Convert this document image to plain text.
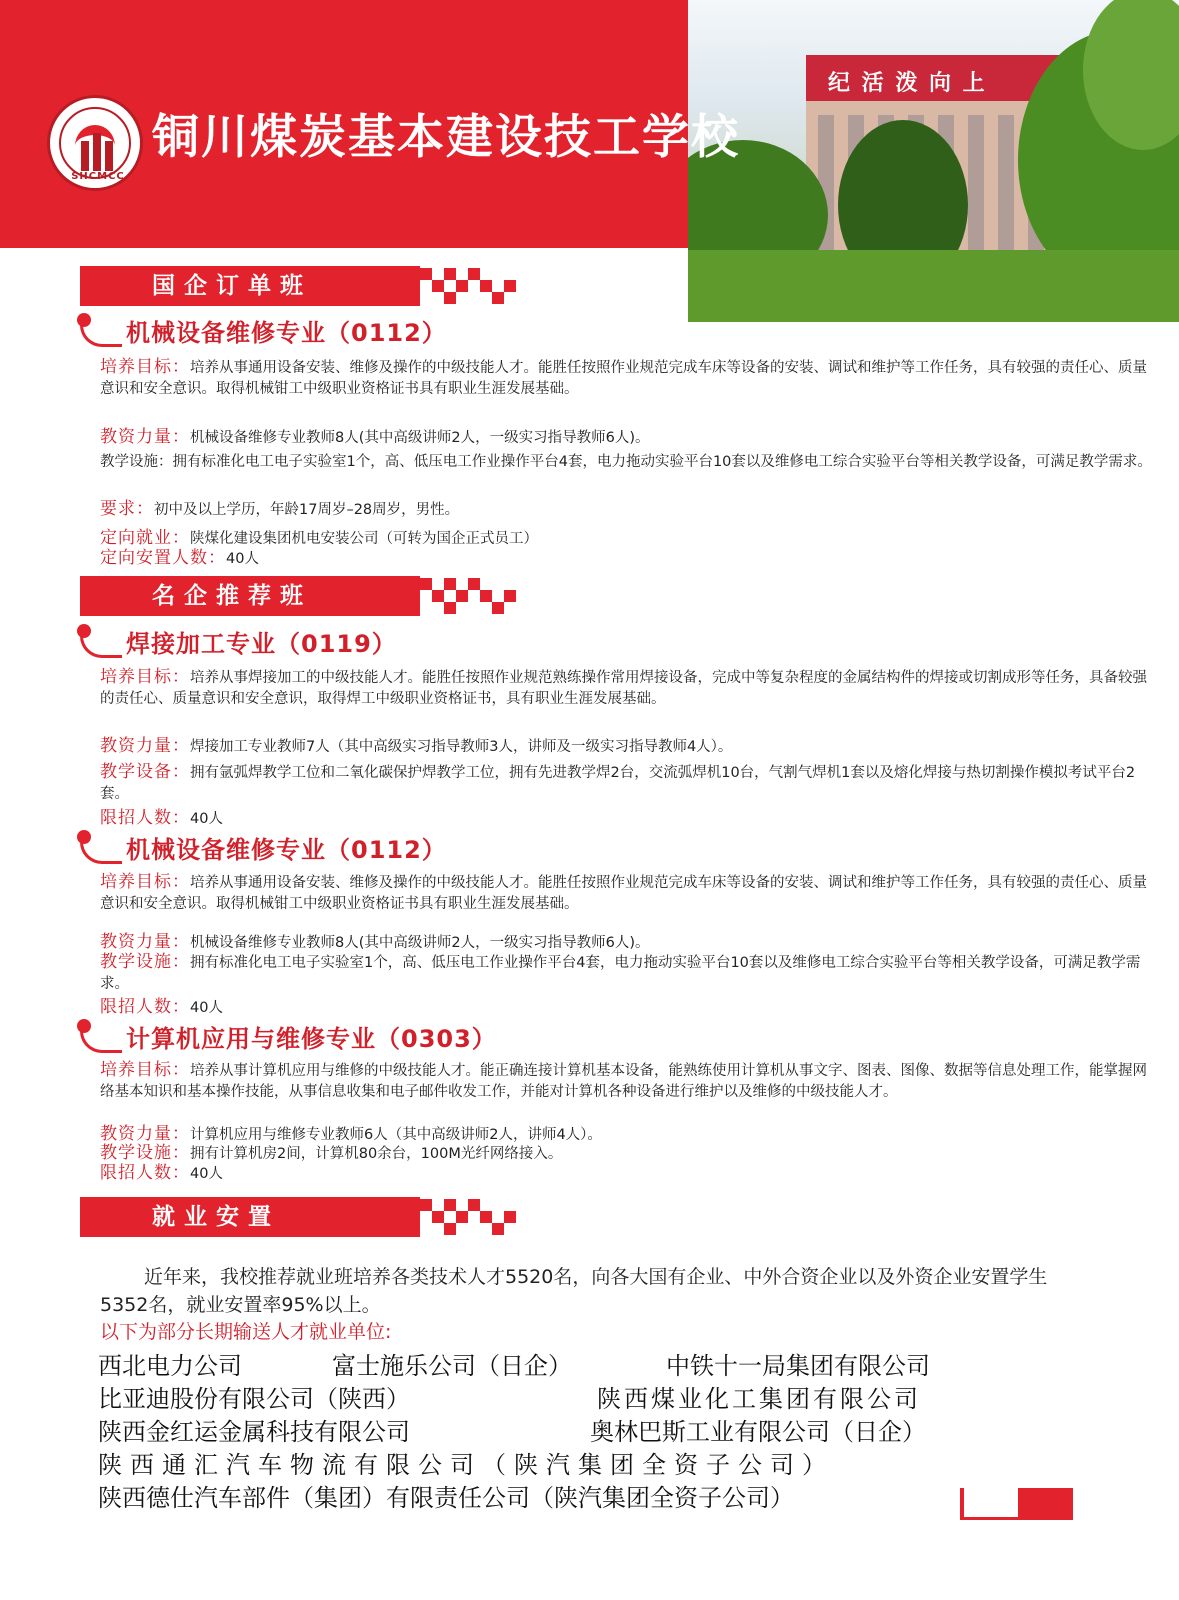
纪 活 泼 向 上
SHCMCC
铜川煤炭基本建设技工学校
国企订单班
机械设备维修专业（0112）
培养目标：培养从事通用设备安装、维修及操作的中级技能人才。能胜任按照作业规范完成车床等设备的安装、调试和维护等工作任务，具有较强的责任心、质量意识和安全意识。取得机械钳工中级职业资格证书具有职业生涯发展基础。
教资力量：机械设备维修专业教师8人(其中高级讲师2人，一级实习指导教师6人)。
教学设施：拥有标准化电工电子实验室1个，高、低压电工作业操作平台4套，电力拖动实验平台10套以及维修电工综合实验平台等相关教学设备，可满足教学需求。
要求：初中及以上学历，年龄17周岁–28周岁，男性。
定向就业：陕煤化建设集团机电安装公司（可转为国企正式员工）
定向安置人数：40人
名企推荐班
焊接加工专业（0119）
培养目标：培养从事焊接加工的中级技能人才。能胜任按照作业规范熟练操作常用焊接设备，完成中等复杂程度的金属结构件的焊接或切割成形等任务，具备较强的责任心、质量意识和安全意识，取得焊工中级职业资格证书，具有职业生涯发展基础。
教资力量：焊接加工专业教师7人（其中高级实习指导教师3人，讲师及一级实习指导教师4人）。
教学设备：拥有氩弧焊教学工位和二氧化碳保护焊教学工位，拥有先进教学焊2台，交流弧焊机10台，气割气焊机1套以及熔化焊接与热切割操作模拟考试平台2套。
限招人数：40人
机械设备维修专业（0112）
培养目标：培养从事通用设备安装、维修及操作的中级技能人才。能胜任按照作业规范完成车床等设备的安装、调试和维护等工作任务，具有较强的责任心、质量意识和安全意识。取得机械钳工中级职业资格证书具有职业生涯发展基础。
教资力量：机械设备维修专业教师8人(其中高级讲师2人，一级实习指导教师6人)。
教学设施：拥有标准化电工电子实验室1个，高、低压电工作业操作平台4套，电力拖动实验平台10套以及维修电工综合实验平台等相关教学设备，可满足教学需求。
限招人数：40人
计算机应用与维修专业（0303）
培养目标：培养从事计算机应用与维修的中级技能人才。能正确连接计算机基本设备，能熟练使用计算机从事文字、图表、图像、数据等信息处理工作，能掌握网络基本知识和基本操作技能，从事信息收集和电子邮件收发工作，并能对计算机各种设备进行维护以及维修的中级技能人才。
教资力量：计算机应用与维修专业教师6人（其中高级讲师2人，讲师4人）。
教学设施：拥有计算机房2间，计算机80余台，100M光纤网络接入。
限招人数：40人
就业安置
近年来，我校推荐就业班培养各类技术人才5520名，向各大国有企业、中外合资企业以及外资企业安置学生5352名，就业安置率95%以上。
以下为部分长期输送人才就业单位:
西北电力公司	富士施乐公司（日企）	中铁十一局集团有限公司
比亚迪股份有限公司（陕西）	陕西煤业化工集团有限公司
陕西金红运金属科技有限公司	奥林巴斯工业有限公司（日企）
陕西通汇汽车物流有限公司（陕汽集团全资子公司）
陕西德仕汽车部件（集团）有限责任公司（陕汽集团全资子公司）
